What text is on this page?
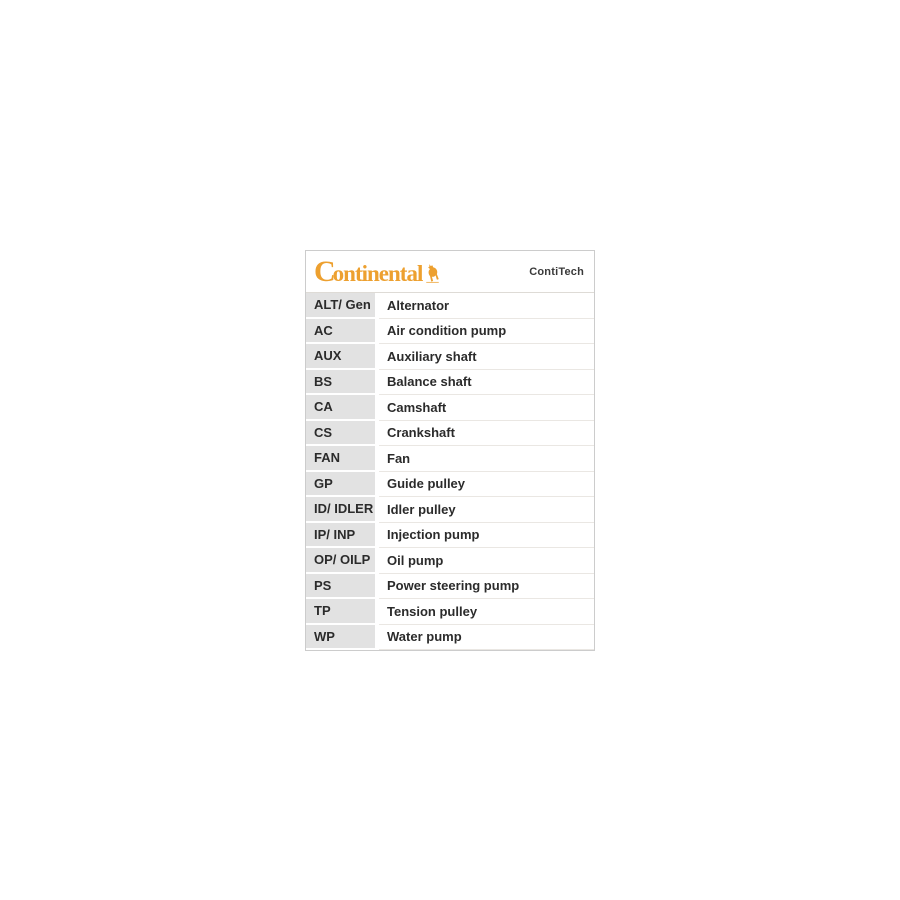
C
ontinental	ContiTech
ALT/ Gen	Alternator
AC	Air condition pump
AUX	Auxiliary shaft
BS	Balance shaft
CA	Camshaft
CS	Crankshaft
FAN	Fan
GP	Guide pulley
ID/ IDLER	Idler pulley
IP/ INP	Injection pump
OP/ OILP	Oil pump
PS	Power steering pump
TP	Tension pulley
WP	Water pump
